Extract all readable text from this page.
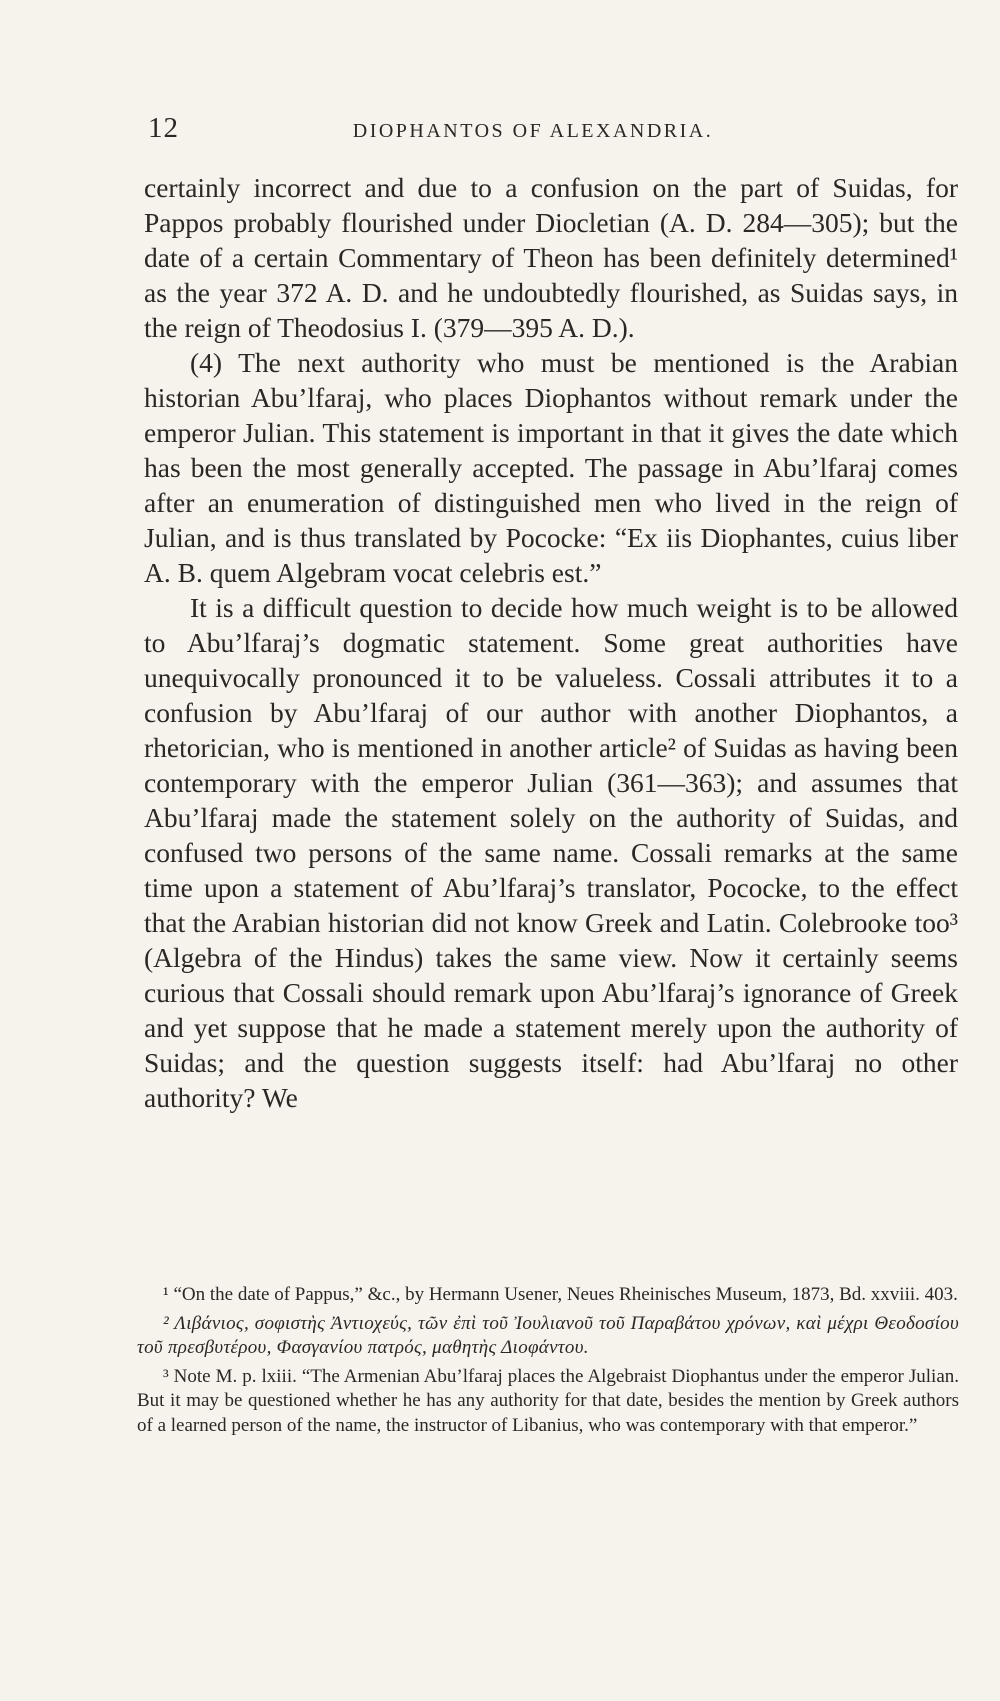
12	DIOPHANTOS OF ALEXANDRIA.

certainly incorrect and due to a confusion on the part of Suidas, for Pappos probably flourished under Diocletian (A. D. 284—305); but the date of a certain Commentary of Theon has been definitely determined¹ as the year 372 A. D. and he undoubtedly flourished, as Suidas says, in the reign of Theodosius I. (379—395 A. D.).

(4) The next authority who must be mentioned is the Arabian historian Abu’lfaraj, who places Diophantos without remark under the emperor Julian. This statement is important in that it gives the date which has been the most generally accepted. The passage in Abu’lfaraj comes after an enumeration of distinguished men who lived in the reign of Julian, and is thus translated by Pococke: “Ex iis Diophantes, cuius liber A. B. quem Algebram vocat celebris est.”

It is a difficult question to decide how much weight is to be allowed to Abu’lfaraj’s dogmatic statement. Some great authorities have unequivocally pronounced it to be valueless. Cossali attributes it to a confusion by Abu’lfaraj of our author with another Diophantos, a rhetorician, who is mentioned in another article² of Suidas as having been contemporary with the emperor Julian (361—363); and assumes that Abu’lfaraj made the statement solely on the authority of Suidas, and confused two persons of the same name. Cossali remarks at the same time upon a statement of Abu’lfaraj’s translator, Pococke, to the effect that the Arabian historian did not know Greek and Latin. Colebrooke too³ (Algebra of the Hindus) takes the same view. Now it certainly seems curious that Cossali should remark upon Abu’lfaraj’s ignorance of Greek and yet suppose that he made a statement merely upon the authority of Suidas; and the question suggests itself: had Abu’lfaraj no other authority? We

¹ “On the date of Pappus,” &c., by Hermann Usener, Neues Rheinisches Museum, 1873, Bd. xxviii. 403.

² Λιβάνιος, σοφιστὴς Ἀντιοχεύς, τῶν ἐπὶ τοῦ Ἰουλιανοῦ τοῦ Παραβάτου χρόνων, καὶ μέχρι Θεοδοσίου τοῦ πρεσβυτέρου, Φασγανίου πατρός, μαθητὴς Διοφάντου.

³ Note M. p. lxiii. “The Armenian Abu’lfaraj places the Algebraist Diophantus under the emperor Julian. But it may be questioned whether he has any authority for that date, besides the mention by Greek authors of a learned person of the name, the instructor of Libanius, who was contemporary with that emperor.”
